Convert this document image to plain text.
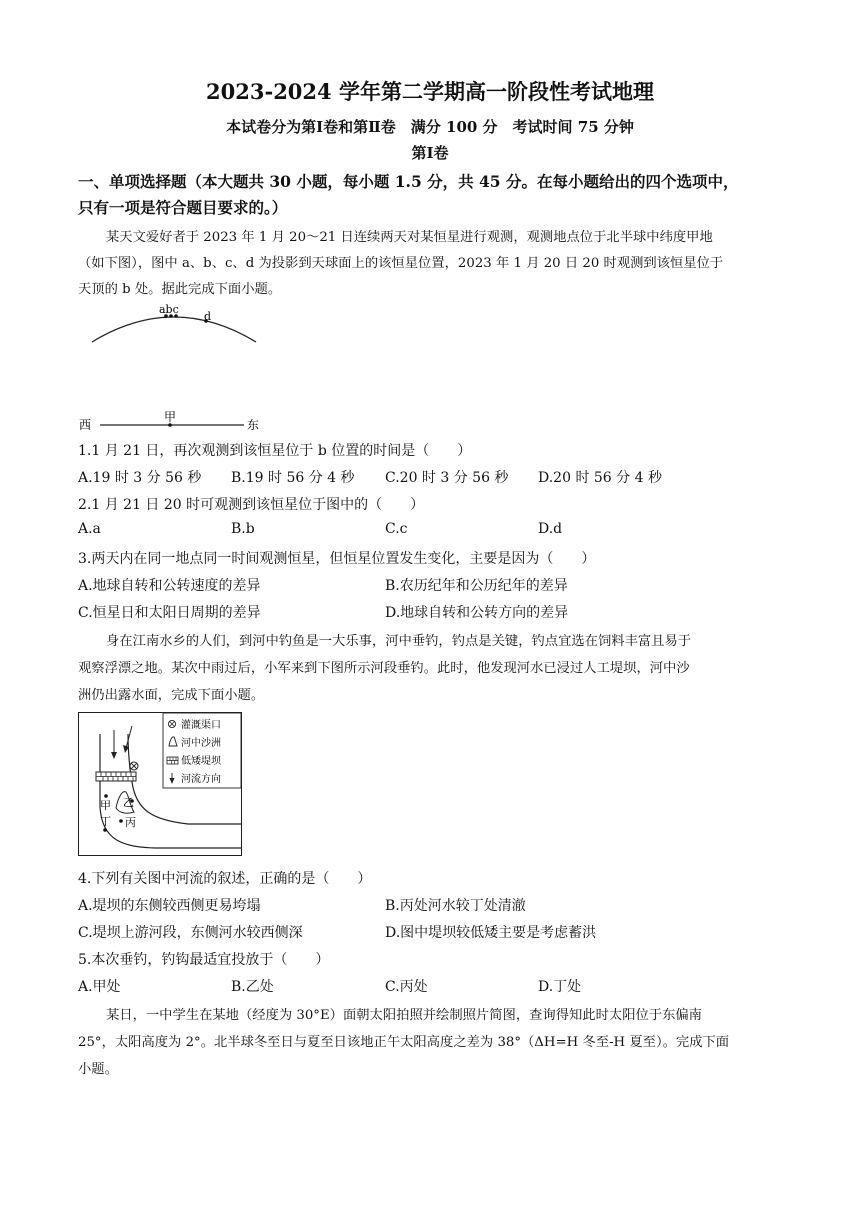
2023-2024 学年第二学期高一阶段性考试地理
本试卷分为第Ⅰ卷和第Ⅱ卷　满分 100 分　考试时间 75 分钟
第Ⅰ卷
一、单项选择题（本大题共 30 小题，每小题 1.5 分，共 45 分。在每小题给出的四个选项中，
只有一项是符合题目要求的。）
某天文爱好者于 2023 年 1 月 20～21 日连续两天对某恒星进行观测，观测地点位于北半球中纬度甲地
（如下图），图中 a、b、c、d 为投影到天球面上的该恒星位置，2023 年 1 月 20 日 20 时观测到该恒星位于
天顶的 b 处。据此完成下面小题。
abc
d
甲
西	东
1.1 月 21 日，再次观测到该恒星位于 b 位置的时间是（　　）
A.19 时 3 分 56 秒 B.19 时 56 分 4 秒 C.20 时 3 分 56 秒 D.20 时 56 分 4 秒
2.1 月 21 日 20 时可观测到该恒星位于图中的（　　）
A.a	B.b	C.c	D.d
3.两天内在同一地点同一时间观测恒星，但恒星位置发生变化，主要是因为（　　）
A.地球自转和公转速度的差异	B.农历纪年和公历纪年的差异
C.恒星日和太阳日周期的差异	D.地球自转和公转方向的差异
身在江南水乡的人们，到河中钓鱼是一大乐事，河中垂钓，钓点是关键，钓点宜选在饲料丰富且易于
观察浮漂之地。某次中雨过后，小军来到下图所示河段垂钓。此时，他发现河水已浸过人工堤坝，河中沙
洲仍出露水面，完成下面小题。
甲 乙
丙
丁
灌溉渠口
河中沙洲
低矮堤坝
河流方向
4.下列有关图中河流的叙述，正确的是（　　）
A.堤坝的东侧较西侧更易垮塌	B.丙处河水较丁处清澈
C.堤坝上游河段，东侧河水较西侧深	D.图中堤坝较低矮主要是考虑蓄洪
5.本次垂钓，钓钩最适宜投放于（　　）
A.甲处	B.乙处	C.丙处	D.丁处
某日，一中学生在某地（经度为 30°E）面朝太阳拍照并绘制照片简图，查询得知此时太阳位于东偏南
25°，太阳高度为 2°。北半球冬至日与夏至日该地正午太阳高度之差为 38°（ΔH=H 冬至-H 夏至）。完成下面
小题。
